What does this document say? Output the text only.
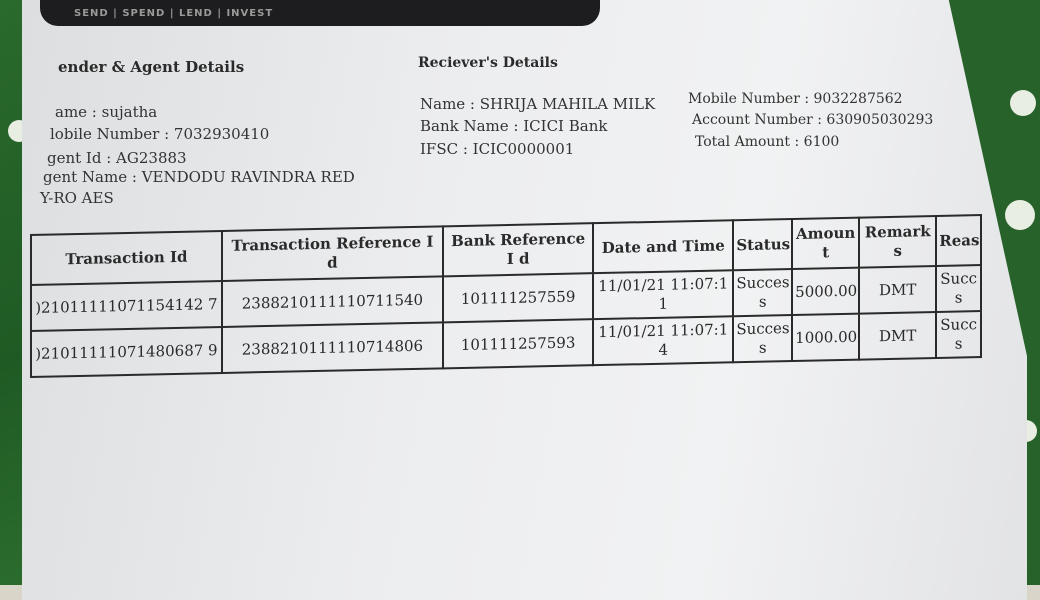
SEND | SPEND | LEND | INVEST
ender & Agent Details
ame : sujatha
lobile Number : 7032930410
gent Id : AG23883
gent Name : VENDODU RAVINDRA RED
Y-RO AES
Reciever's Details
Name : SHRIJA MAHILA MILK
Bank Name : ICICI Bank
IFSC : ICIC0000001
Mobile Number : 9032287562
Account Number : 630905030293
Total Amount : 6100
Transaction Id	Transaction Reference I d	Bank Reference I d	Date and Time	Status	Amoun t	Remark s	Reas
)21011111071154142 7	2388210111110711540	101111257559	11/01/21 11:07:1 1	Succes s	5000.00	DMT	Succ s
)21011111071480687 9	2388210111110714806	101111257593	11/01/21 11:07:1 4	Succes s	1000.00	DMT	Succ s
